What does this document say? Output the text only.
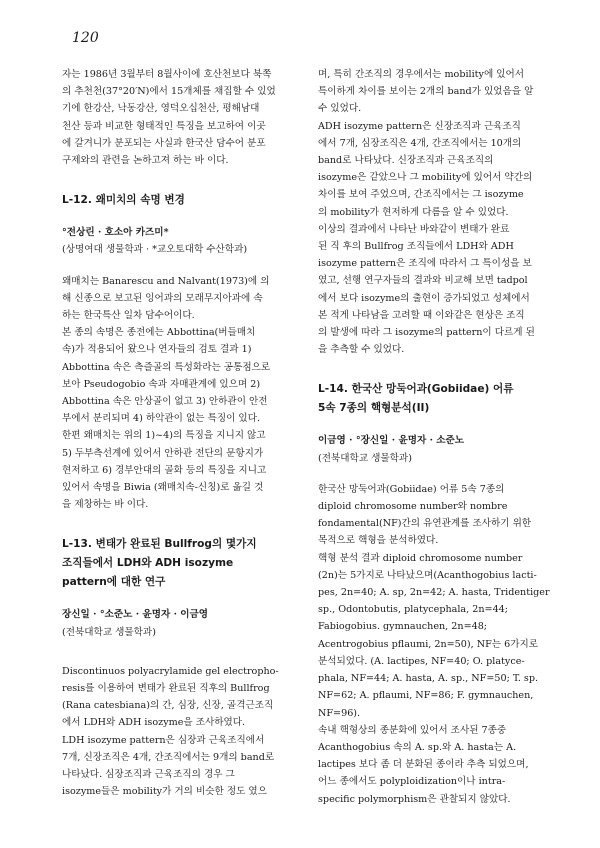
120

자는 1986년 3월부터 8월사이에 호산천보다 북쪽
의 추천천(37°20′N)에서 15개체를 채집할 수 있었
기에 한강산, 낙동강산, 영덕오십천산, 평해남대
천산 등과 비교한 형태적인 특징을 보고하여 이곳
에 갈겨니가 분포되는 사실과 한국산 담수어 분포
구제와의 관련을 논하고져 하는 바 이다.

L-12. 왜미치의 속명 변경

°전상린 · 호소아 카즈미*

(상명여대 생물학과 · *교오토대학 수산학과)

왜매치는 Banarescu and Nalvant(1973)에 의
해 신종으로 보고된 잉어과의 모래무지아과에 속
하는 한국특산 일차 담수어이다.

본 종의 속명은 종전에는 Abbottina(버들매치
속)가 적용되어 왔으나 연자들의 검토 결과 1)
Abbottina 속은 측즐골의 특성화라는 공통점으로
보아 Pseudogobio 속과 자매관계에 있으며 2)
Abbottina 속은 안상골이 없고 3) 안하관이 안전
부에서 분리되며 4) 하악관이 없는 특징이 있다.
한편 왜매치는 위의 1)~4)의 특징을 지니지 않고
5) 두부측선계에 있어서 안하관 전단의 문항지가
현저하고 6) 경부안대의 골화 등의 특징을 지니고
있어서 속명을 Biwia (왜매치속-신칭)로 옮길 것
을 제창하는 바 이다.

L-13. 변태가 완료된 Bullfrog의 몇가지
조직들에서 LDH와 ADH isozyme
pattern에 대한 연구

장신일 · °소준노 · 윤명자 · 이금영

(전북대학교 생물학과)

Discontinuos polyacrylamide gel electropho-
resis를 이용하여 변태가 완료된 직후의 Bullfrog
(Rana catesbiana)의 간, 심장, 신장, 골격근조직
에서 LDH와 ADH isozyme을 조사하였다.

LDH isozyme pattern은 심장과 근육조직에서
7개, 신장조직은 4개, 간조직에서는 9개의 band로
나타났다. 심장조직과 근육조직의 경우 그
isozyme들은 mobility가 거의 비슷한 정도 였으

며, 특히 간조직의 경우에서는 mobility에 있어서
특이하게 차이를 보이는 2개의 band가 있었음을 알
수 있었다.

ADH isozyme pattern은 신장조직과 근육조직
에서 7개, 심장조직은 4개, 간조직에서는 10개의
band로 나타났다. 신장조직과 근육조직의
isozyme은 같았으나 그 mobility에 있어서 약간의
차이를 보여 주었으며, 간조직에서는 그 isozyme
의 mobility가 현저하게 다름을 알 수 있었다.

이상의 결과에서 나타난 바와같이 변태가 완료
된 직 후의 Bullfrog 조직들에서 LDH와 ADH
isozyme pattern은 조직에 따라서 그 특이성을 보
였고, 선행 연구자들의 결과와 비교해 보면 tadpol
에서 보다 isozyme의 출현이 증가되었고 성체에서
본 적게 나타남을 고려할 때 이와같은 현상은 조직
의 발생에 따라 그 isozyme의 pattern이 다르게 된
을 추측할 수 있었다.

L-14. 한국산 망둑어과(Gobiidae) 어류
5속 7종의 핵형분석(II)

이금영 · °장신일 · 윤명자 · 소준노

(전북대학교 생물학과)

한국산 망둑어과(Gobiidae) 어류 5속 7종의
diploid chromosome number와 nombre
fondamental(NF)간의 유연관계를 조사하기 위한
목적으로 핵형을 분석하였다.

핵형 분석 결과 diploid chromosome number
(2n)는 5가지로 나타났으며(Acanthogobius lacti-
pes, 2n=40; A. sp, 2n=42; A. hasta, Tridentiger
sp., Odontobutis, platycephala, 2n=44;
Fabiogobius. gymnauchen, 2n=48;
Acentrogobius pflaumi, 2n=50), NF는 6가지로
분석되었다. (A. lactipes, NF=40; O. platyce-
phala, NF=44; A. hasta, A. sp., NF=50; T. sp.
NF=62; A. pflaumi, NF=86; F. gymnauchen,
NF=96).

속내 핵형상의 종분화에 있어서 조사된 7종중
Acanthogobius 속의 A. sp.와 A. hasta는 A.
lactipes 보다 좀 더 분화된 종이라 추측 되었으며,
어느 종에서도 polyploidization이나 intra-
specific polymorphism은 관찰되지 않았다.
